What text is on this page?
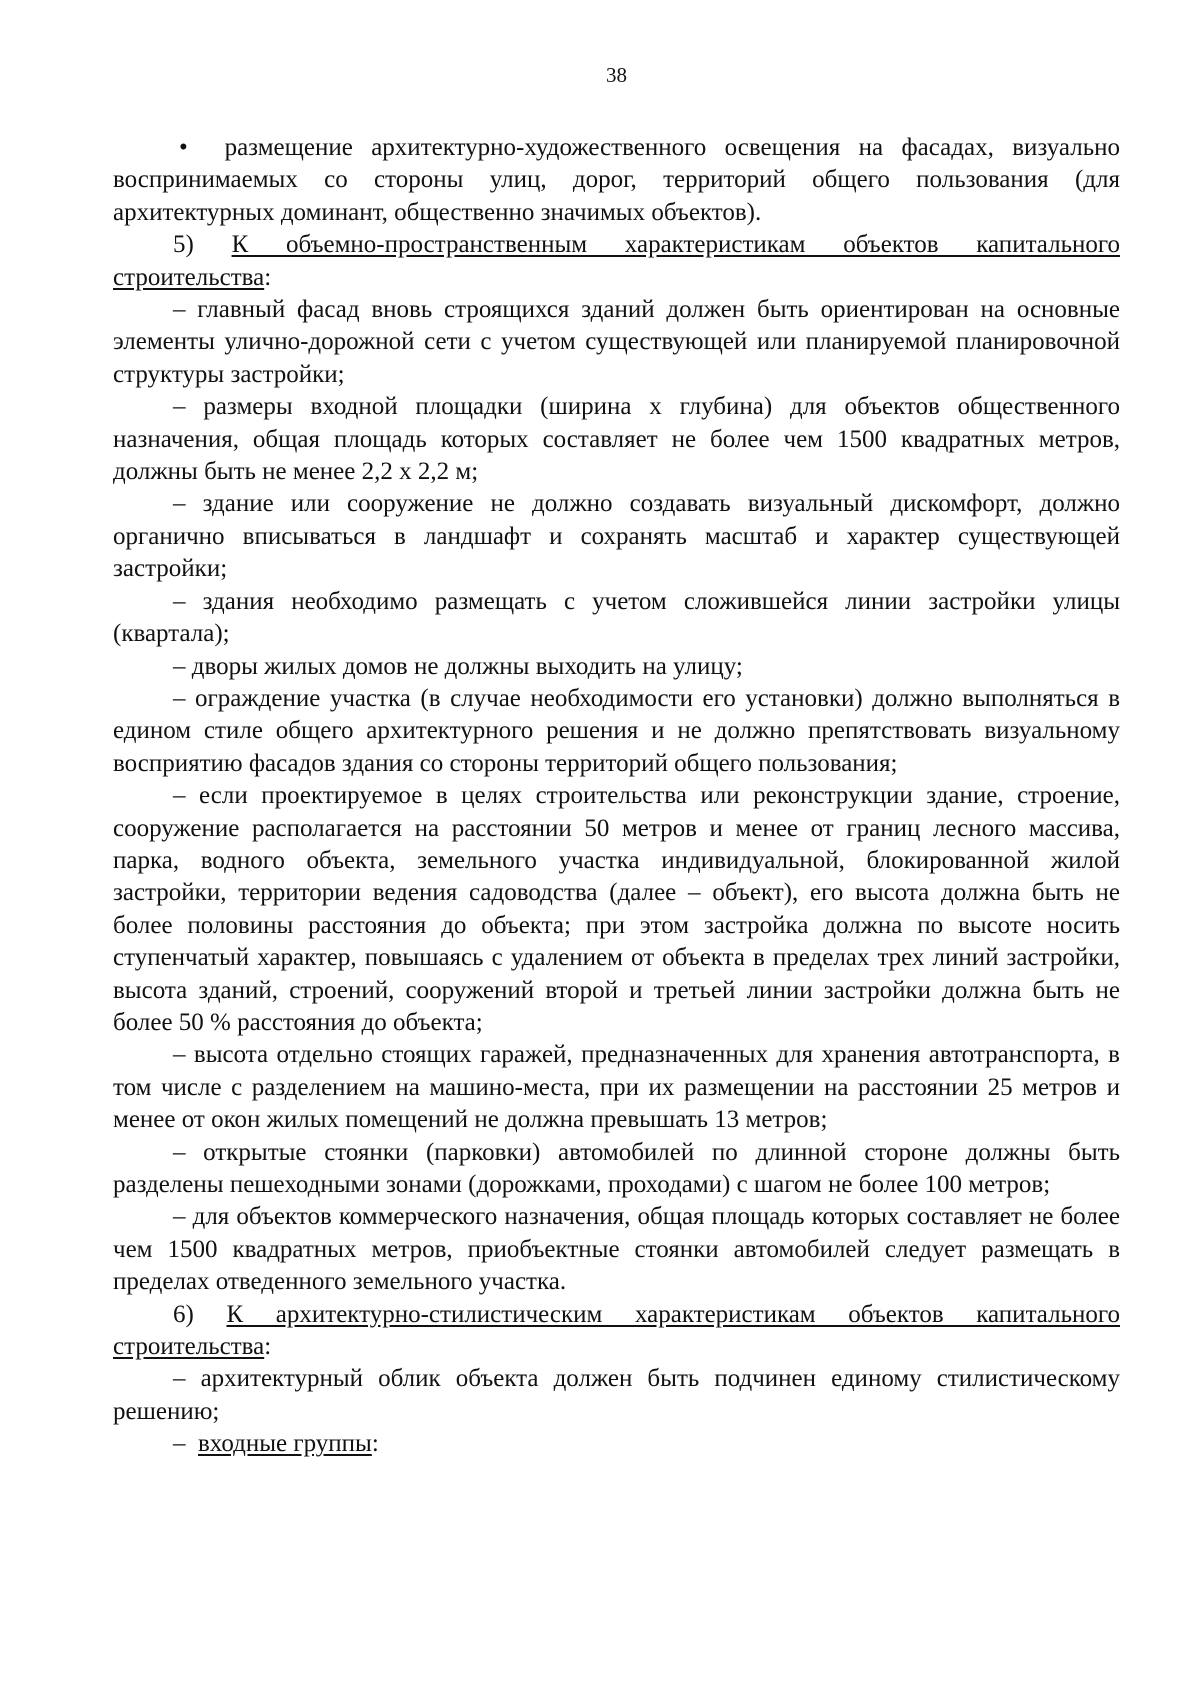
38

• размещение архитектурно-художественного освещения на фасадах, визуально воспринимаемых со стороны улиц, дорог, территорий общего пользования (для архитектурных доминант, общественно значимых объектов).

5) К объемно-пространственным характеристикам объектов капитального строительства:

– главный фасад вновь строящихся зданий должен быть ориентирован на основные элементы улично-дорожной сети с учетом существующей или планируемой планировочной структуры застройки;

– размеры входной площадки (ширина х глубина) для объектов общественного назначения, общая площадь которых составляет не более чем 1500 квадратных метров, должны быть не менее 2,2 х 2,2 м;

– здание или сооружение не должно создавать визуальный дискомфорт, должно органично вписываться в ландшафт и сохранять масштаб и характер существующей застройки;

– здания необходимо размещать с учетом сложившейся линии застройки улицы (квартала);

– дворы жилых домов не должны выходить на улицу;

– ограждение участка (в случае необходимости его установки) должно выполняться в едином стиле общего архитектурного решения и не должно препятствовать визуальному восприятию фасадов здания со стороны территорий общего пользования;

– если проектируемое в целях строительства или реконструкции здание, строение, сооружение располагается на расстоянии 50 метров и менее от границ лесного массива, парка, водного объекта, земельного участка индивидуальной, блокированной жилой застройки, территории ведения садоводства (далее – объект), его высота должна быть не более половины расстояния до объекта; при этом застройка должна по высоте носить ступенчатый характер, повышаясь с удалением от объекта в пределах трех линий застройки, высота зданий, строений, сооружений второй и третьей линии застройки должна быть не более 50 % расстояния до объекта;

– высота отдельно стоящих гаражей, предназначенных для хранения автотранспорта, в том числе с разделением на машино-места, при их размещении на расстоянии 25 метров и менее от окон жилых помещений не должна превышать 13 метров;

– открытые стоянки (парковки) автомобилей по длинной стороне должны быть разделены пешеходными зонами (дорожками, проходами) с шагом не более 100 метров;

– для объектов коммерческого назначения, общая площадь которых составляет не более чем 1500 квадратных метров, приобъектные стоянки автомобилей следует размещать в пределах отведенного земельного участка.

6) К архитектурно-стилистическим характеристикам объектов капитального строительства:

– архитектурный облик объекта должен быть подчинен единому стилистическому решению;

– входные группы:
